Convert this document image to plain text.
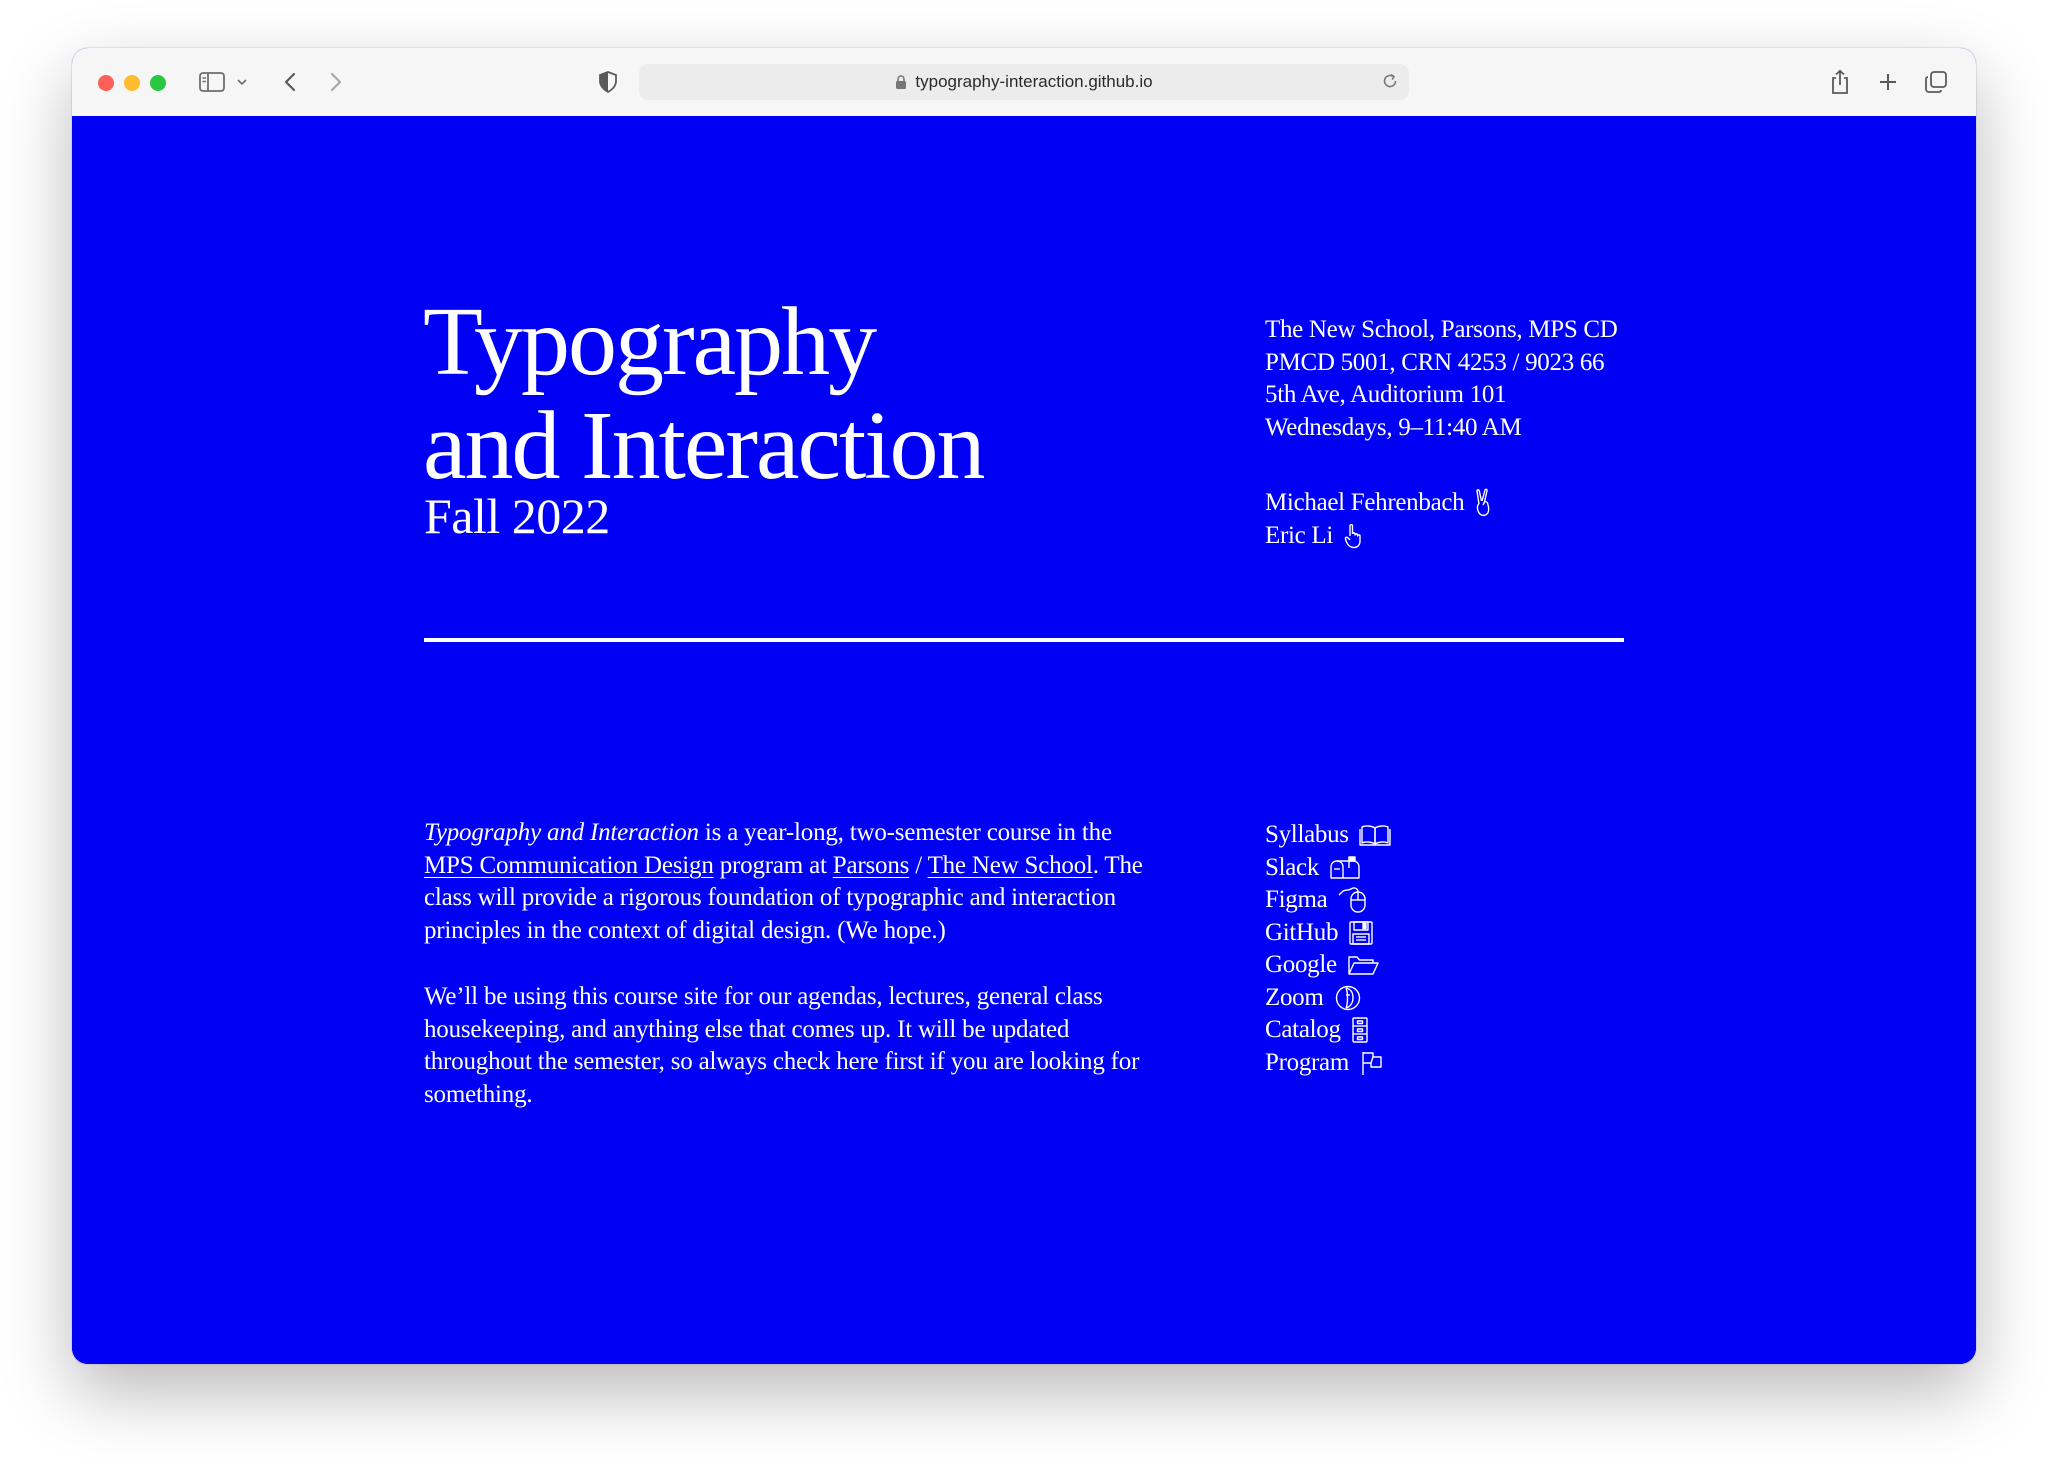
typography-interaction.github.io
Typography
and Interaction
Fall 2022
The New School, Parsons, MPS CD
PMCD 5001, CRN 4253 / 9023 66
5th Ave, Auditorium 101
Wednesdays, 9–11:40 AM
Michael Fehrenbach
Eric Li

Typography and Interaction is a year-long, two-semester course in the MPS Communication Design program at Parsons / The New School. The class will provide a rigorous foundation of typographic and interaction principles in the context of digital design. (We hope.)

We’ll be using this course site for our agendas, lectures, general class housekeeping, and anything else that comes up. It will be updated throughout the semester, so always check here first if you are looking for something.

Syllabus
Slack
Figma
GitHub
Google
Zoom
Catalog
Program
